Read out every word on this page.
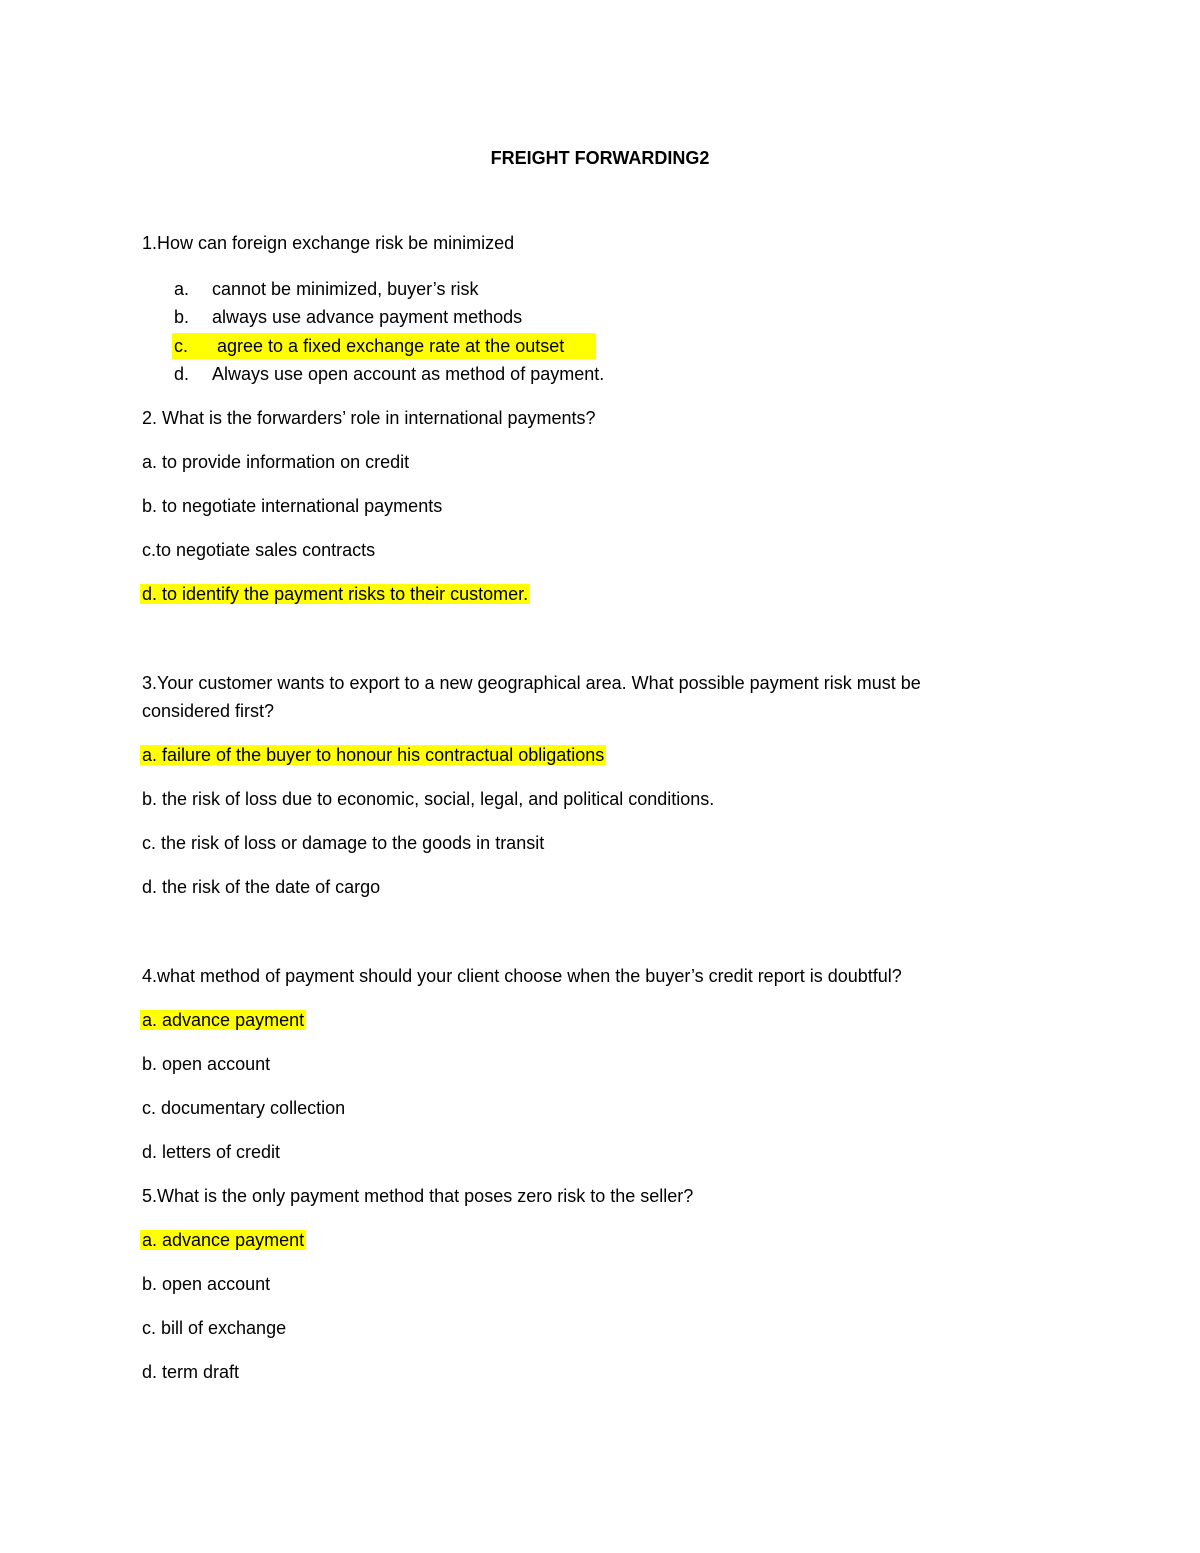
FREIGHT FORWARDING2
1.How can foreign exchange risk be minimized
a.	cannot be minimized, buyer’s risk
b.	always use advance payment methods
c.	agree to a fixed exchange rate at the outset
d.	Always use open account as method of payment.
2. What is the forwarders’ role in international payments?
a. to provide information on credit
b. to negotiate international payments
c.to negotiate sales contracts
d. to identify the payment risks to their customer.
3.Your customer wants to export to a new geographical area. What possible payment risk must be
considered first?
a. failure of the buyer to honour his contractual obligations
b. the risk of loss due to economic, social, legal, and political conditions.
c. the risk of loss or damage to the goods in transit
d. the risk of the date of cargo
4.what method of payment should your client choose when the buyer’s credit report is doubtful?
a. advance payment
b. open account
c. documentary collection
d. letters of credit
5.What is the only payment method that poses zero risk to the seller?
a. advance payment
b. open account
c. bill of exchange
d. term draft
